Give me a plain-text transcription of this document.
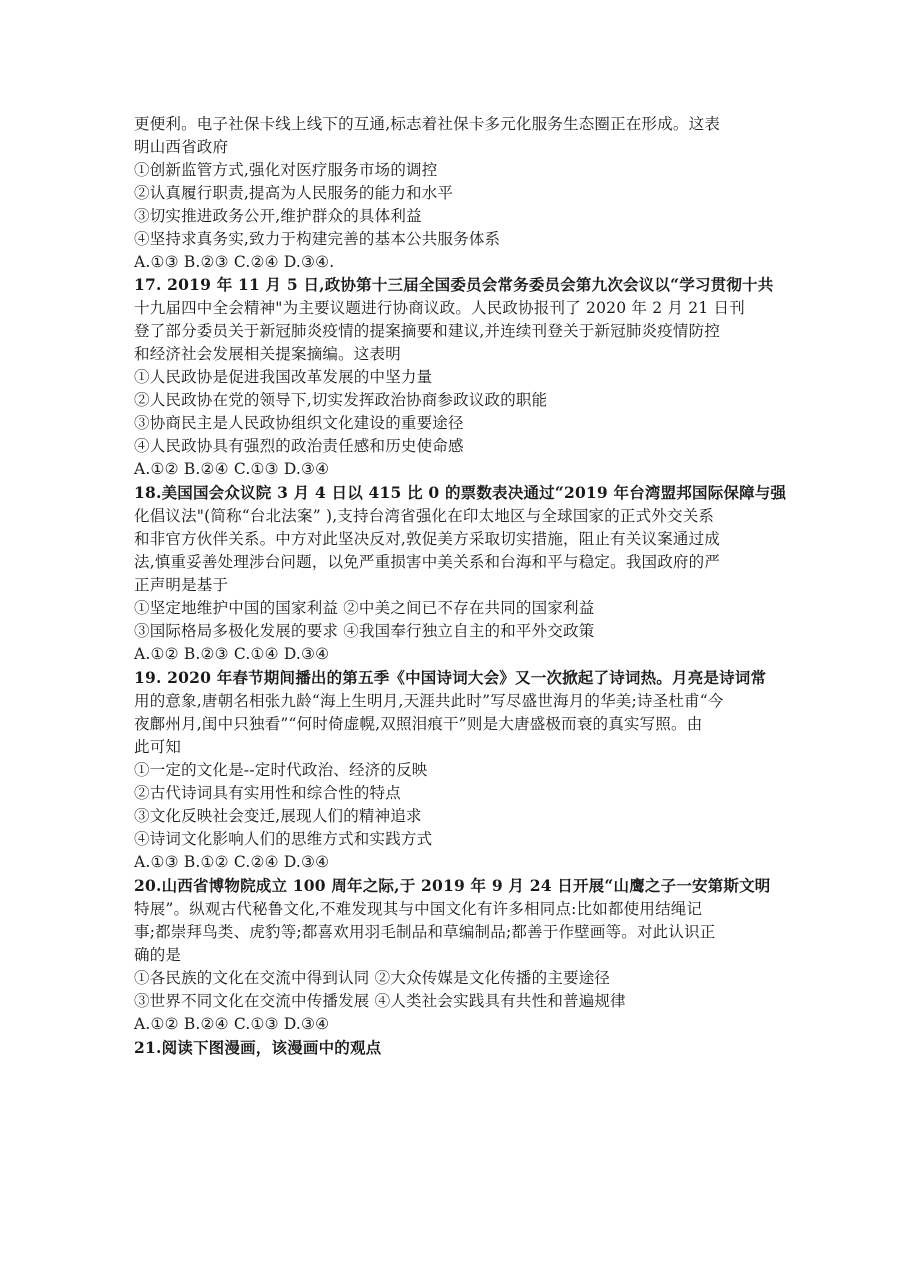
更便利。电子社保卡线上线下的互通,标志着社保卡多元化服务生态圈正在形成。这表
明山西省政府
①创新监管方式,强化对医疗服务市场的调控
②认真履行职责,提高为人民服务的能力和水平
③切实推进政务公开,维护群众的具体利益
④坚持求真务实,致力于构建完善的基本公共服务体系
A.①③ B.②③ C.②④ D.③④.
17. 2019 年 11 月 5 日,政协第十三届全国委员会常务委员会第九次会议以“学习贯彻十共
十九届四中全会精神"为主要议题进行协商议政。人民政协报刊了 2020 年 2 月 21 日刊
登了部分委员关于新冠肺炎疫情的提案摘要和建议,并连续刊登关于新冠肺炎疫情防控
和经济社会发展相关提案摘编。这表明
①人民政协是促进我国改革发展的中坚力量
②人民政协在党的领导下,切实发挥政治协商参政议政的职能
③协商民主是人民政协组织文化建设的重要途径
④人民政协具有强烈的政治责任感和历史使命感
A.①② B.②④ C.①③ D.③④
18.美国国会众议院 3 月 4 日以 415 比 0 的票数表决通过“2019 年台湾盟邦国际保障与强
化倡议法"(简称“台北法案” ),支持台湾省强化在印太地区与全球国家的正式外交关系
和非官方伙伴关系。中方对此坚决反对,敦促美方采取切实措施，阻止有关议案通过成
法,慎重妥善处理涉台问题，以免严重损害中美关系和台海和平与稳定。我国政府的严
正声明是基于
①坚定地维护中国的国家利益 ②中美之间已不存在共同的国家利益
③国际格局多极化发展的要求 ④我国奉行独立自主的和平外交政策
A.①② B.②③ C.①④ D.③④
19. 2020 年春节期间播出的第五季《中国诗词大会》又一次掀起了诗词热。月亮是诗词常
用的意象,唐朝名相张九龄“海上生明月,天涯共此时”写尽盛世海月的华美;诗圣杜甫“今
夜鄜州月,闺中只独看”“何时倚虚幌,双照泪痕干”则是大唐盛极而衰的真实写照。由
此可知
①一定的文化是--定时代政治、经济的反映
②古代诗词具有实用性和综合性的特点
③文化反映社会变迁,展现人们的精神追求
④诗词文化影响人们的思维方式和实践方式
A.①③ B.①② C.②④ D.③④
20.山西省博物院成立 100 周年之际,于 2019 年 9 月 24 日开展“山鹰之子一安第斯文明
特展”。纵观古代秘鲁文化,不难发现其与中国文化有许多相同点:比如都使用结绳记
事;都崇拜鸟类、虎豹等;都喜欢用羽毛制品和草编制品;都善于作壁画等。对此认识正
确的是
①各民族的文化在交流中得到认同 ②大众传媒是文化传播的主要途径
③世界不同文化在交流中传播发展 ④人类社会实践具有共性和普遍规律
A.①② B.②④ C.①③ D.③④
21.阅读下图漫画，该漫画中的观点
